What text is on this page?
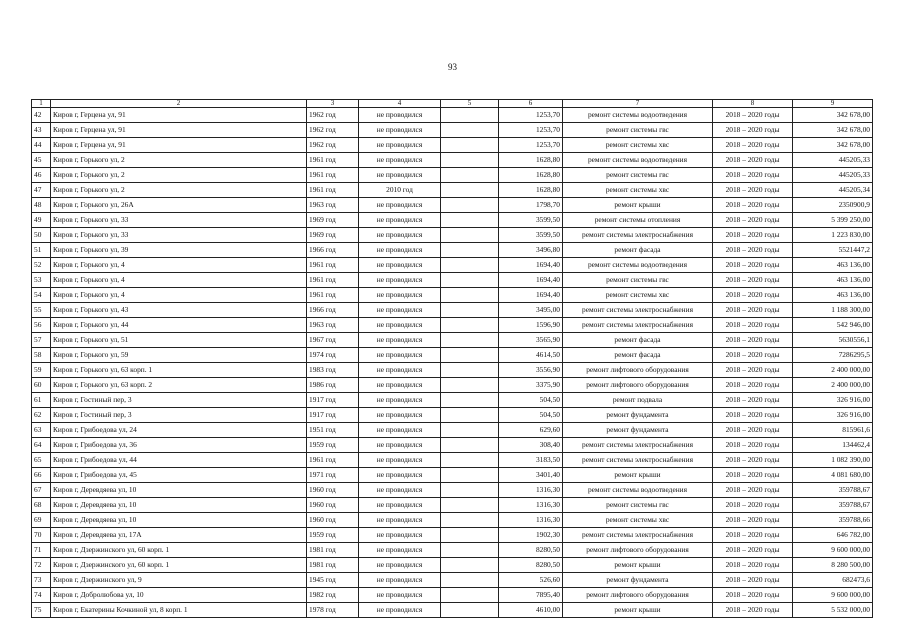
93
1	2	3	4	5	6	7	8	9
42	Киров г, Герцена ул, 91	1962 год	не проводился		1253,70	ремонт системы водоотведения	2018 – 2020 годы	342 678,00
43	Киров г, Герцена ул, 91	1962 год	не проводился		1253,70	ремонт системы гвс	2018 – 2020 годы	342 678,00
44	Киров г, Герцена ул, 91	1962 год	не проводился		1253,70	ремонт системы хвс	2018 – 2020 годы	342 678,00
45	Киров г, Горького ул, 2	1961 год	не проводился		1628,80	ремонт системы водоотведения	2018 – 2020 годы	445205,33
46	Киров г, Горького ул, 2	1961 год	не проводился		1628,80	ремонт системы гвс	2018 – 2020 годы	445205,33
47	Киров г, Горького ул, 2	1961 год	2010 год		1628,80	ремонт системы хвс	2018 – 2020 годы	445205,34
48	Киров г, Горького ул, 26А	1963 год	не проводился		1798,70	ремонт крыши	2018 – 2020 годы	2350900,9
49	Киров г, Горького ул, 33	1969 год	не проводился		3599,50	ремонт системы отопления	2018 – 2020 годы	5 399 250,00
50	Киров г, Горького ул, 33	1969 год	не проводился		3599,50	ремонт системы электроснабжения	2018 – 2020 годы	1 223 830,00
51	Киров г, Горького ул, 39	1966 год	не проводился		3496,80	ремонт фасада	2018 – 2020 годы	5521447,2
52	Киров г, Горького ул, 4	1961 год	не проводился		1694,40	ремонт системы водоотведения	2018 – 2020 годы	463 136,00
53	Киров г, Горького ул, 4	1961 год	не проводился		1694,40	ремонт системы гвс	2018 – 2020 годы	463 136,00
54	Киров г, Горького ул, 4	1961 год	не проводился		1694,40	ремонт системы хвс	2018 – 2020 годы	463 136,00
55	Киров г, Горького ул, 43	1966 год	не проводился		3495,00	ремонт системы электроснабжения	2018 – 2020 годы	1 188 300,00
56	Киров г, Горького ул, 44	1963 год	не проводился		1596,90	ремонт системы электроснабжения	2018 – 2020 годы	542 946,00
57	Киров г, Горького ул, 51	1967 год	не проводился		3565,90	ремонт фасада	2018 – 2020 годы	5630556,1
58	Киров г, Горького ул, 59	1974 год	не проводился		4614,50	ремонт фасада	2018 – 2020 годы	7286295,5
59	Киров г, Горького ул, 63 корп. 1	1983 год	не проводился		3556,90	ремонт лифтового оборудования	2018 – 2020 годы	2 400 000,00
60	Киров г, Горького ул, 63 корп. 2	1986 год	не проводился		3375,90	ремонт лифтового оборудования	2018 – 2020 годы	2 400 000,00
61	Киров г, Гостиный пер, 3	1917 год	не проводился		504,50	ремонт подвала	2018 – 2020 годы	326 916,00
62	Киров г, Гостиный пер, 3	1917 год	не проводился		504,50	ремонт фундамента	2018 – 2020 годы	326 916,00
63	Киров г, Грибоедова ул, 24	1951 год	не проводился		629,60	ремонт фундамента	2018 – 2020 годы	815961,6
64	Киров г, Грибоедова ул, 36	1959 год	не проводился		308,40	ремонт системы электроснабжения	2018 – 2020 годы	134462,4
65	Киров г, Грибоедова ул, 44	1961 год	не проводился		3183,50	ремонт системы электроснабжения	2018 – 2020 годы	1 082 390,00
66	Киров г, Грибоедова ул, 45	1971 год	не проводился		3401,40	ремонт крыши	2018 – 2020 годы	4 081 680,00
67	Киров г, Деревдяева ул, 10	1960 год	не проводился		1316,30	ремонт системы водоотведения	2018 – 2020 годы	359788,67
68	Киров г, Деревдяева ул, 10	1960 год	не проводился		1316,30	ремонт системы гвс	2018 – 2020 годы	359788,67
69	Киров г, Деревдяева ул, 10	1960 год	не проводился		1316,30	ремонт системы хвс	2018 – 2020 годы	359788,66
70	Киров г, Деревдяева ул, 17А	1959 год	не проводился		1902,30	ремонт системы электроснабжения	2018 – 2020 годы	646 782,00
71	Киров г, Дзержинского ул, 60 корп. 1	1981 год	не проводился		8280,50	ремонт лифтового оборудования	2018 – 2020 годы	9 600 000,00
72	Киров г, Дзержинского ул, 60 корп. 1	1981 год	не проводился		8280,50	ремонт крыши	2018 – 2020 годы	8 280 500,00
73	Киров г, Дзержинского ул, 9	1945 год	не проводился		526,60	ремонт фундамента	2018 – 2020 годы	682473,6
74	Киров г, Добролюбова ул, 10	1982 год	не проводился		7895,40	ремонт лифтового оборудования	2018 – 2020 годы	9 600 000,00
75	Киров г, Екатерины Кочкиной ул, 8 корп. 1	1978 год	не проводился		4610,00	ремонт крыши	2018 – 2020 годы	5 532 000,00
